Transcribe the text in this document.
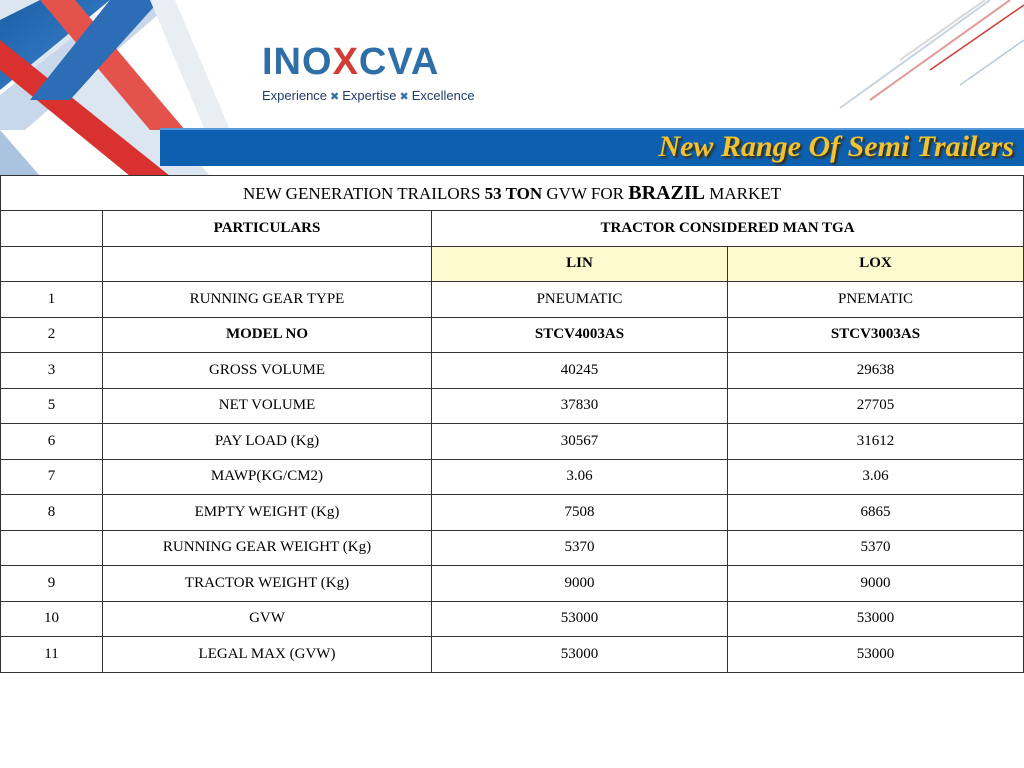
INOXCVA
Experience ✖ Expertise ✖ Excellence
New Range Of Semi Trailers
NEW GENERATION TRAILORS 53 TON GVW FOR BRAZIL MARKET			
	PARTICULARS	TRACTOR CONSIDERED MAN TGA	
		LIN	LOX
1	RUNNING GEAR TYPE	PNEUMATIC	PNEMATIC
2	MODEL NO	STCV4003AS	STCV3003AS
3	GROSS VOLUME	40245	29638
5	NET VOLUME	37830	27705
6	PAY LOAD (Kg)	30567	31612
7	MAWP(KG/CM2)	3.06	3.06
8	EMPTY WEIGHT (Kg)	7508	6865
	RUNNING GEAR WEIGHT (Kg)	5370	5370
9	TRACTOR WEIGHT (Kg)	9000	9000
10	GVW	53000	53000
11	LEGAL MAX (GVW)	53000	53000
